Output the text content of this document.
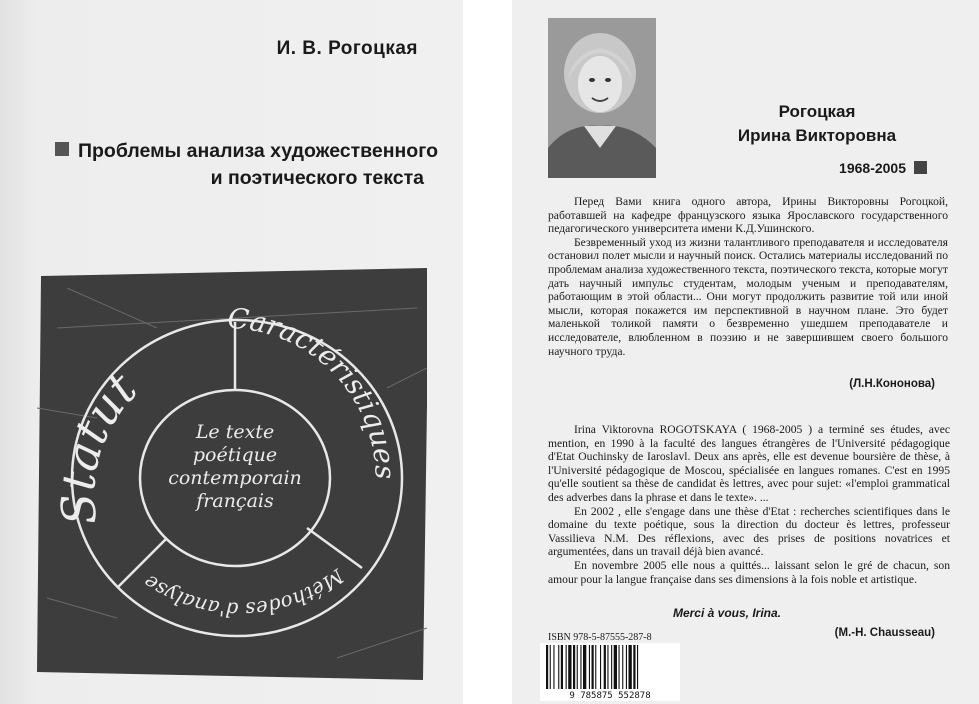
И. В. Рогоцкая
Проблемы анализа художественного
и поэтического текста
Statut
Caractéristiques
Méthodes d'analyse
Le texte
poétique
contemporain
français
Рогоцкая
Ирина Викторовна
1968-2005

Перед Вами книга одного автора, Ирины Викторовны Рогоцкой, работавшей на кафедре французского языка Ярославского государственного педагогического университета имени К.Д.Ушинского.

Безвременный уход из жизни талантливого преподавателя и исследователя остановил полет мысли и научный поиск. Остались материалы исследований по проблемам анализа художественного текста, поэтического текста, которые могут дать научный импульс студентам, молодым ученым и преподавателям, работающим в этой области... Они могут продолжить развитие той или иной мысли, которая покажется им перспективной в научном плане. Это будет маленькой толикой памяти о безвременно ушедшем преподавателе и исследователе, влюбленном в поэзию и не завершившем своего большого научного труда.

(Л.Н.Кононова)

Irina Viktorovna ROGOTSKAYA ( 1968-2005 ) a terminé ses études, avec mention, en 1990 à la faculté des langues étrangères de l'Université pédagogique d'Etat Ouchinsky de Iaroslavl. Deux ans après, elle est devenue boursière de thèse, à l'Université pédagogique de Moscou, spécialisée en langues romanes. C'est en 1995 qu'elle soutient sa thèse de candidat ès lettres, avec pour sujet: «l'emploi grammatical des adverbes dans la phrase et dans le texte». ...

En 2002 , elle s'engage dans une thèse d'Etat : recherches scientifiques dans le domaine du texte poétique, sous la direction du docteur ès lettres, professeur Vassilieva N.M. Des réflexions, avec des prises de positions novatrices et argumentées, dans un travail déjà bien avancé.

En novembre 2005 elle nous a quittés... laissant selon le gré de chacun, son amour pour la langue française dans ses dimensions à la fois noble et artistique.

Merci à vous, Irina.
(M.-H. Chausseau)
ISBN 978-5-87555-287-8
9 785875 552878
